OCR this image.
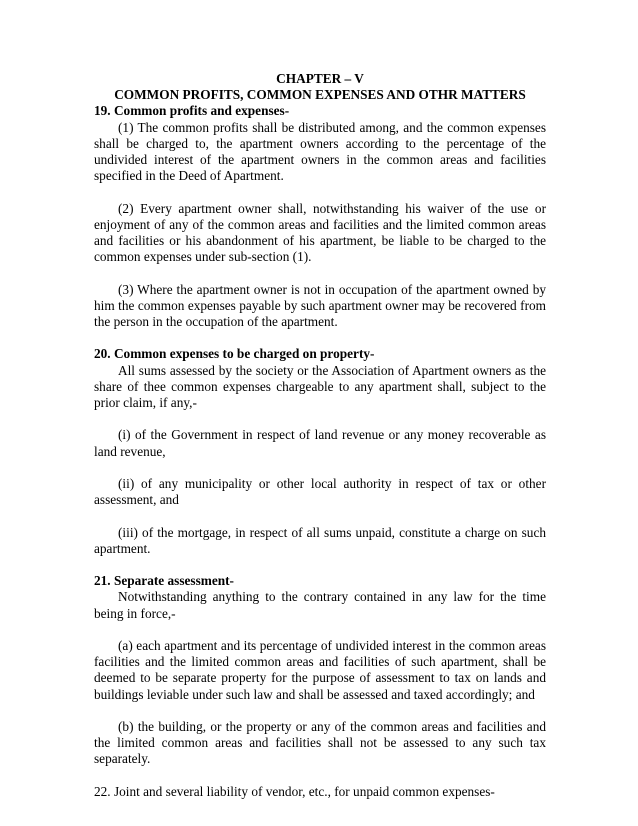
CHAPTER – V

COMMON PROFITS, COMMON EXPENSES AND OTHR MATTERS

19. Common profits and expenses-

(1) The common profits shall be distributed among, and the common expenses shall be charged to, the apartment owners according to the percentage of the undivided interest of the apartment owners in the common areas and facilities specified in the Deed of Apartment.

(2) Every apartment owner shall, notwithstanding his waiver of the use or enjoyment of any of the common areas and facilities and the limited common areas and facilities or his abandonment of his apartment, be liable to be charged to the common expenses under sub-section (1).

(3) Where the apartment owner is not in occupation of the apartment owned by him the common expenses payable by such apartment owner may be recovered from the person in the occupation of the apartment.

20. Common expenses to be charged on property-

All sums assessed by the society or the Association of Apartment owners as the share of thee common expenses chargeable to any apartment shall, subject to the prior claim, if any,-

(i) of the Government in respect of land revenue or any money recoverable as land revenue,

(ii) of any municipality or other local authority in respect of tax or other assessment, and

(iii) of the mortgage, in respect of all sums unpaid, constitute a charge on such apartment.

21. Separate assessment-

Notwithstanding anything to the contrary contained in any law for the time being in force,-

(a) each apartment and its percentage of undivided interest in the common areas facilities and the limited common areas and facilities of such apartment, shall be deemed to be separate property for the purpose of assessment to tax on lands and buildings leviable under such law and shall be assessed and taxed accordingly; and

(b) the building, or the property or any of the common areas and facilities and the limited common areas and facilities shall not be assessed to any such tax separately.

22. Joint and several liability of vendor, etc., for unpaid common expenses-
